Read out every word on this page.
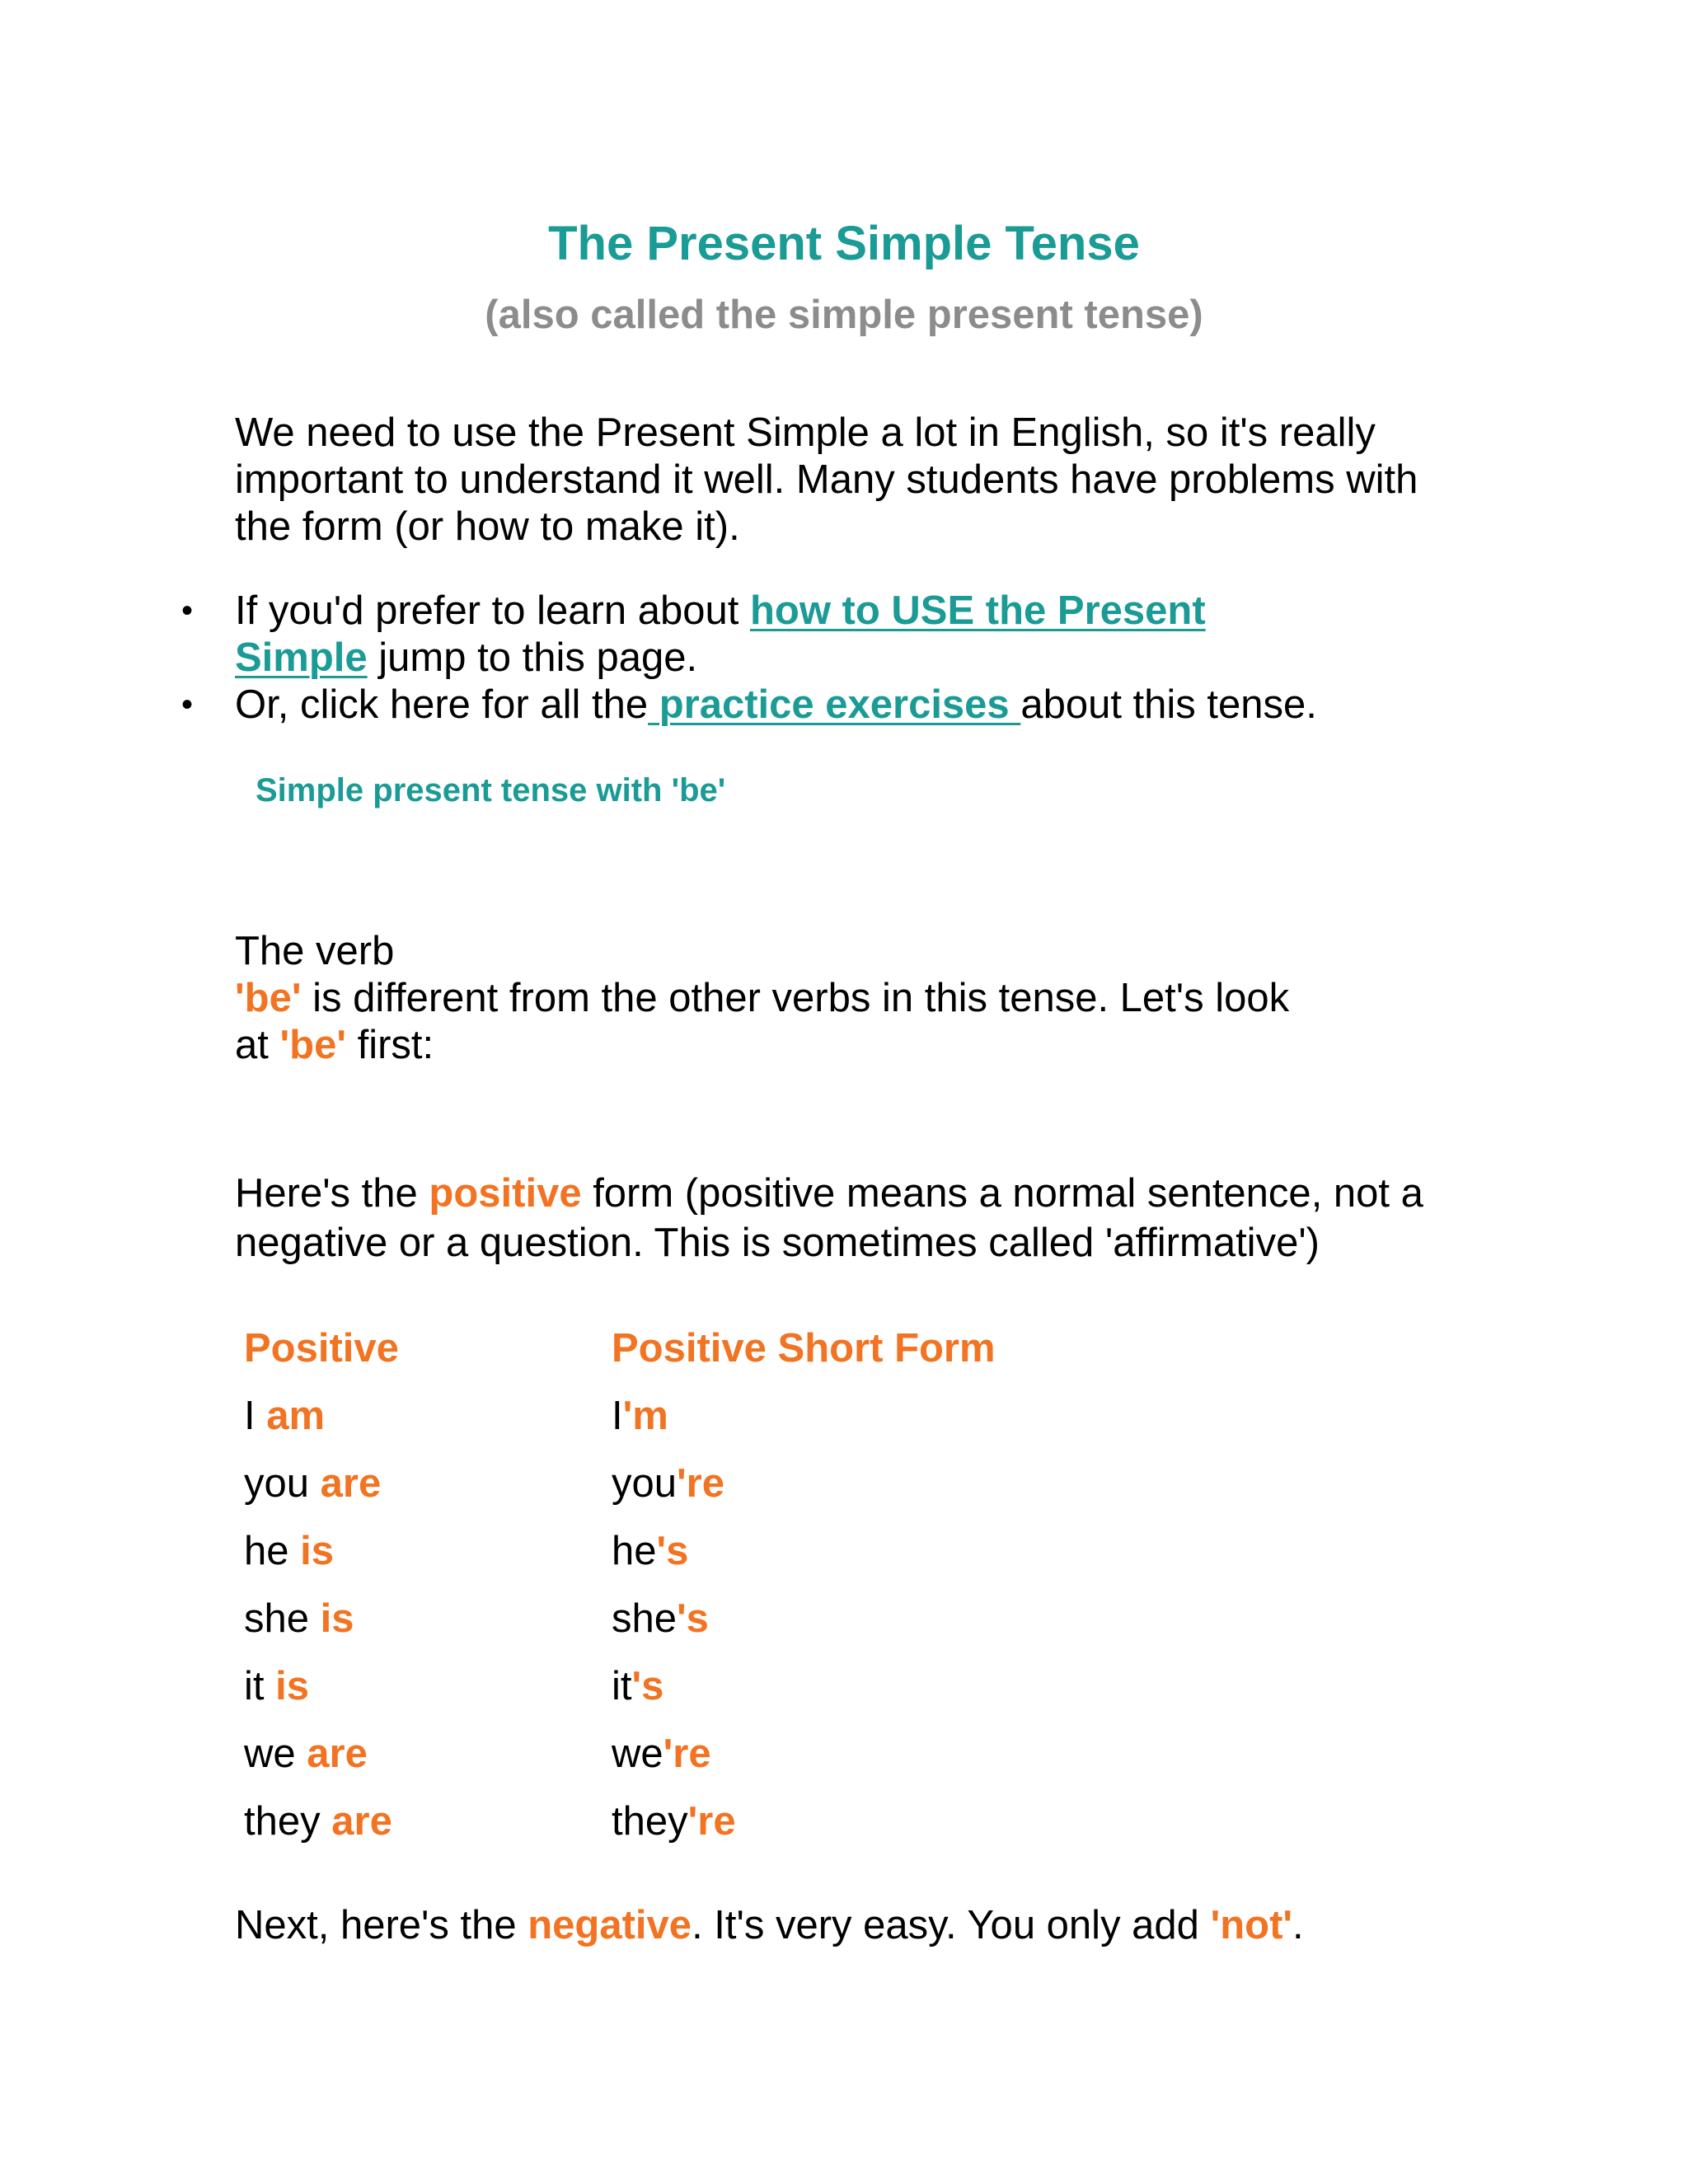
The Present Simple Tense
(also called the simple present tense)
We need to use the Present Simple a lot in English, so it's really
important to understand it well. Many students have problems with
the form (or how to make it).
• If you'd prefer to learn about how to USE the Present
Simple jump to this page.
• Or, click here for all the practice exercises about this tense.
Simple present tense with 'be'
The verb
'be' is different from the other verbs in this tense. Let's look
at 'be' first:
Here's the positive form (positive means a normal sentence, not a
negative or a question. This is sometimes called 'affirmative')
Positive	Positive Short Form
I am	I'm
you are	you're
he is	he's
she is	she's
it is	it's
we are	we're
they are	they're
Next, here's the negative. It's very easy. You only add 'not'.
